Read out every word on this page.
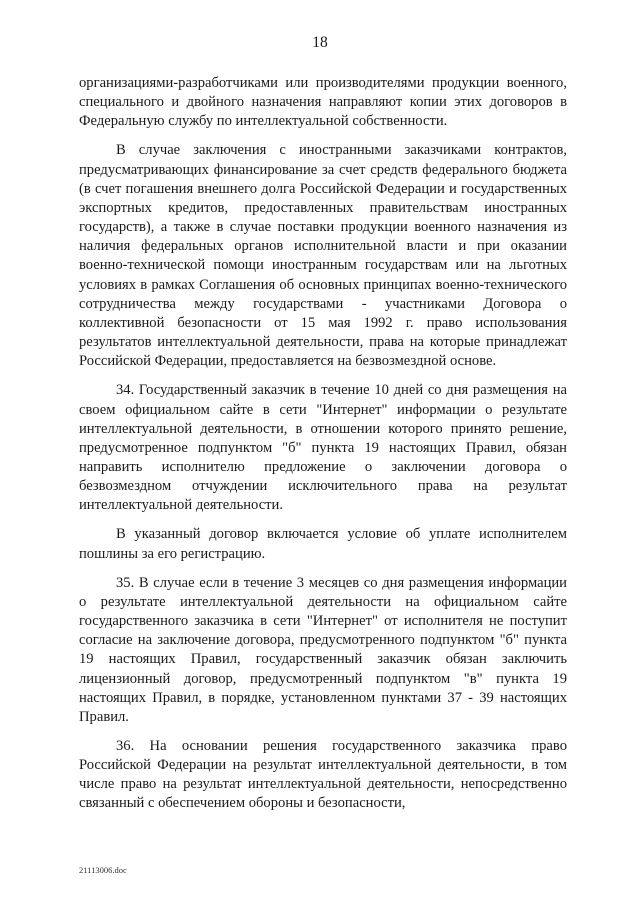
18

организациями-разработчиками или производителями продукции военного, специального и двойного назначения направляют копии этих договоров в Федеральную службу по интеллектуальной собственности.

В случае заключения с иностранными заказчиками контрактов, предусматривающих финансирование за счет средств федерального бюджета (в счет погашения внешнего долга Российской Федерации и государственных экспортных кредитов, предоставленных правительствам иностранных государств), а также в случае поставки продукции военного назначения из наличия федеральных органов исполнительной власти и при оказании военно-технической помощи иностранным государствам или на льготных условиях в рамках Соглашения об основных принципах военно-технического сотрудничества между государствами - участниками Договора о коллективной безопасности от 15 мая 1992 г. право использования результатов интеллектуальной деятельности, права на которые принадлежат Российской Федерации, предоставляется на безвозмездной основе.

34. Государственный заказчик в течение 10 дней со дня размещения на своем официальном сайте в сети "Интернет" информации о результате интеллектуальной деятельности, в отношении которого принято решение, предусмотренное подпунктом "б" пункта 19 настоящих Правил, обязан направить исполнителю предложение о заключении договора о безвозмездном отчуждении исключительного права на результат интеллектуальной деятельности.

В указанный договор включается условие об уплате исполнителем пошлины за его регистрацию.

35. В случае если в течение 3 месяцев со дня размещения информации о результате интеллектуальной деятельности на официальном сайте государственного заказчика в сети "Интернет" от исполнителя не поступит согласие на заключение договора, предусмотренного подпунктом "б" пункта 19 настоящих Правил, государственный заказчик обязан заключить лицензионный договор, предусмотренный подпунктом "в" пункта 19 настоящих Правил, в порядке, установленном пунктами 37 - 39 настоящих Правил.

36. На основании решения государственного заказчика право Российской Федерации на результат интеллектуальной деятельности, в том числе право на результат интеллектуальной деятельности, непосредственно связанный с обеспечением обороны и безопасности,

21113006.doc
